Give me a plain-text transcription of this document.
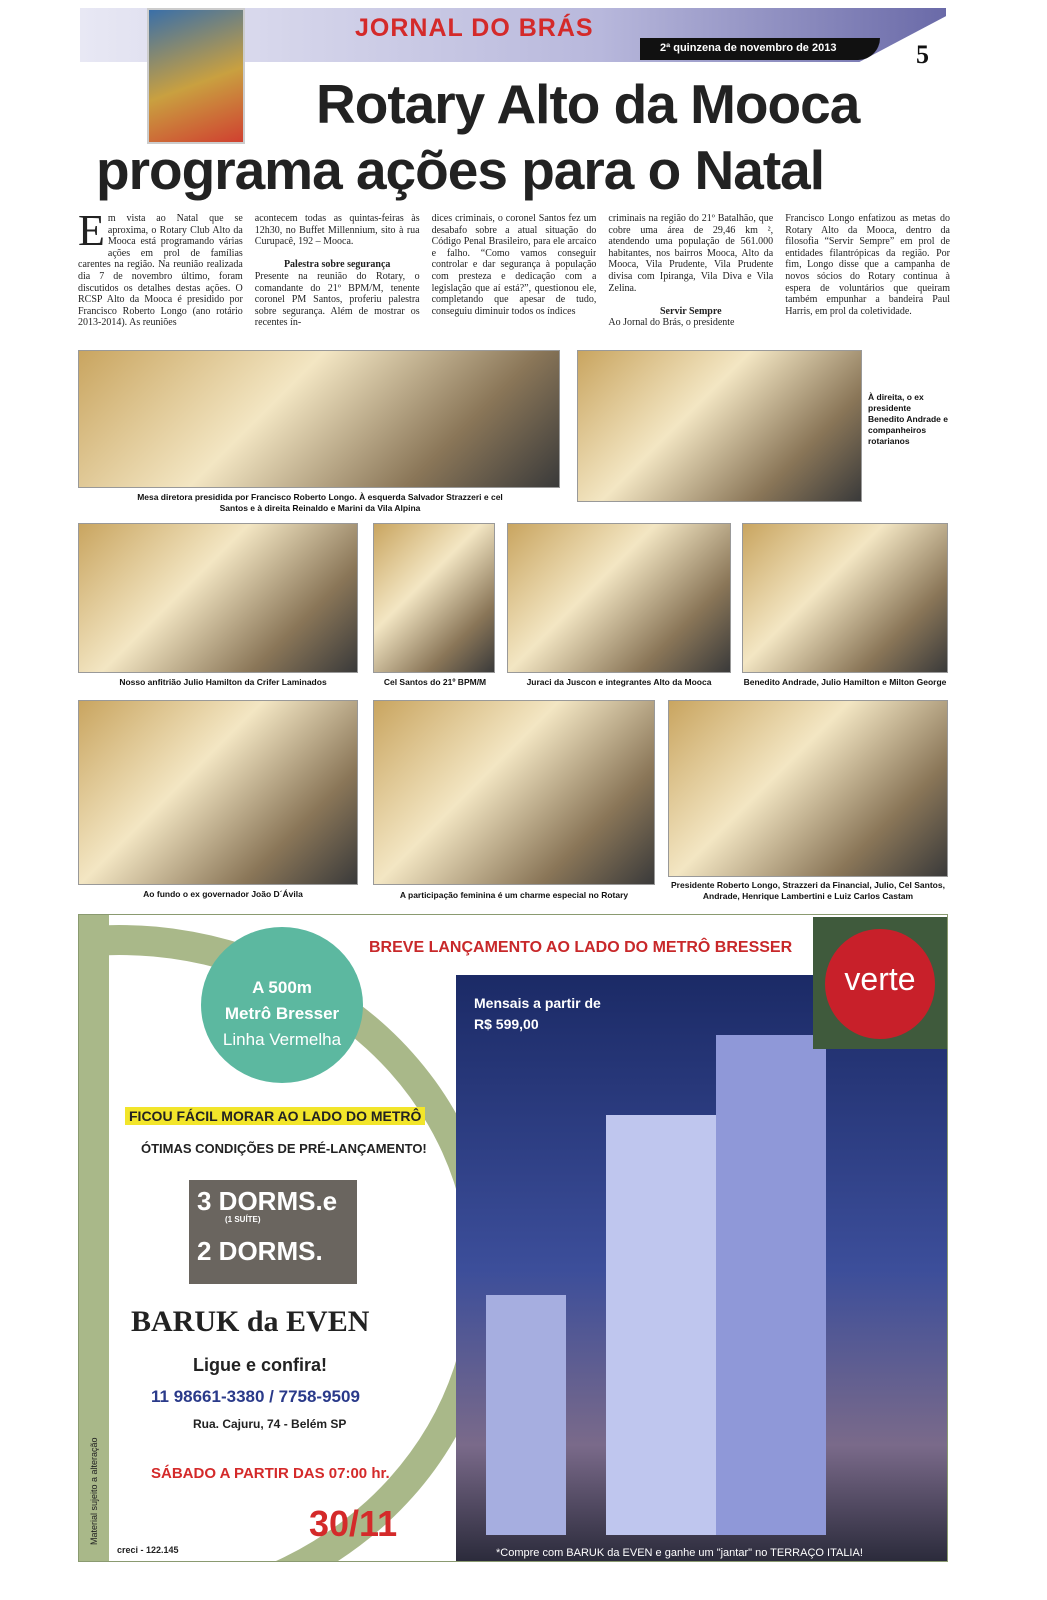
JORNAL DO BRÁS
2ª quinzena de novembro de 2013	5
Rotary Alto da Mooca
programa ações para o Natal
Em vista ao Natal que se aproxima, o Rotary Club Alto da Mooca está programando várias ações em prol de famílias carentes na região. Na reunião realizada dia 7 de novembro último, foram discutidos os detalhes destas ações. O RCSP Alto da Mooca é presidido por Francisco Roberto Longo (ano rotário 2013-2014). As reuniões
acontecem todas as quintas-feiras às 12h30, no Buffet Millennium, sito à rua Curupacê, 192 – Mooca.

Palestra sobre segurança
Presente na reunião do Rotary, o comandante do 21º BPM/M, tenente coronel PM Santos, proferiu palestra sobre segurança. Além de mostrar os recentes ín-
dices criminais, o coronel Santos fez um desabafo sobre a atual situação do Código Penal Brasileiro, para ele arcaico e falho. “Como vamos conseguir controlar e dar segurança à população com presteza e dedicação com a legislação que aí está?”, questionou ele, completando que apesar de tudo, conseguiu diminuir todos os índices
criminais na região do 21º Batalhão, que cobre uma área de 29,46 km ², atendendo uma população de 561.000 habitantes, nos bairros Mooca, Alto da Mooca, Vila Prudente, Vila Prudente divisa com Ipiranga, Vila Diva e Vila Zelina.

Servir Sempre
Ao Jornal do Brás, o presidente
Francisco Longo enfatizou as metas do Rotary Alto da Mooca, dentro da filosofia “Servir Sempre” em prol de entidades filantrópicas da região. Por fim, Longo disse que a campanha de novos sócios do Rotary continua à espera de voluntários que queiram também empunhar a bandeira Paul Harris, em prol da coletividade.
Mesa diretora presidida por Francisco Roberto Longo. À esquerda Salvador Strazzeri e cel Santos e à direita Reinaldo e Marini da Vila Alpina
À direita, o ex presidente Benedito Andrade e companheiros rotarianos
Nosso anfitrião Julio Hamilton da Crifer Laminados	Cel Santos do 21º BPM/M	Juraci da Juscon e integrantes Alto da Mooca	Benedito Andrade, Julio Hamilton e Milton George
Ao fundo o ex governador João D´Ávila	A participação feminina é um charme especial no Rotary
Presidente Roberto Longo, Strazzeri da Financial, Julio, Cel Santos, Andrade, Henrique Lambertini e Luiz Carlos Castam
BREVE LANÇAMENTO AO LADO DO METRÔ BRESSER
A 500m
Metrô Bresser
Linha Vermelha
Mensais a partir de
R$ 599,00
*Compre com BARUK da EVEN e ganhe um "jantar" no TERRAÇO ITALIA!
verte
FICOU FÁCIL MORAR AO LADO DO METRÔ
ÓTIMAS CONDIÇÕES DE PRÉ-LANÇAMENTO!
3 DORMS.e
(1 SUÍTE)
2 DORMS.
BARUK da EVEN
Ligue e confira!
11 98661-3380 / 7758-9509
Rua. Cajuru, 74 - Belém SP
SÁBADO A PARTIR DAS 07:00 hr.
30/11
creci - 122.145
Material sujeito a alteração
